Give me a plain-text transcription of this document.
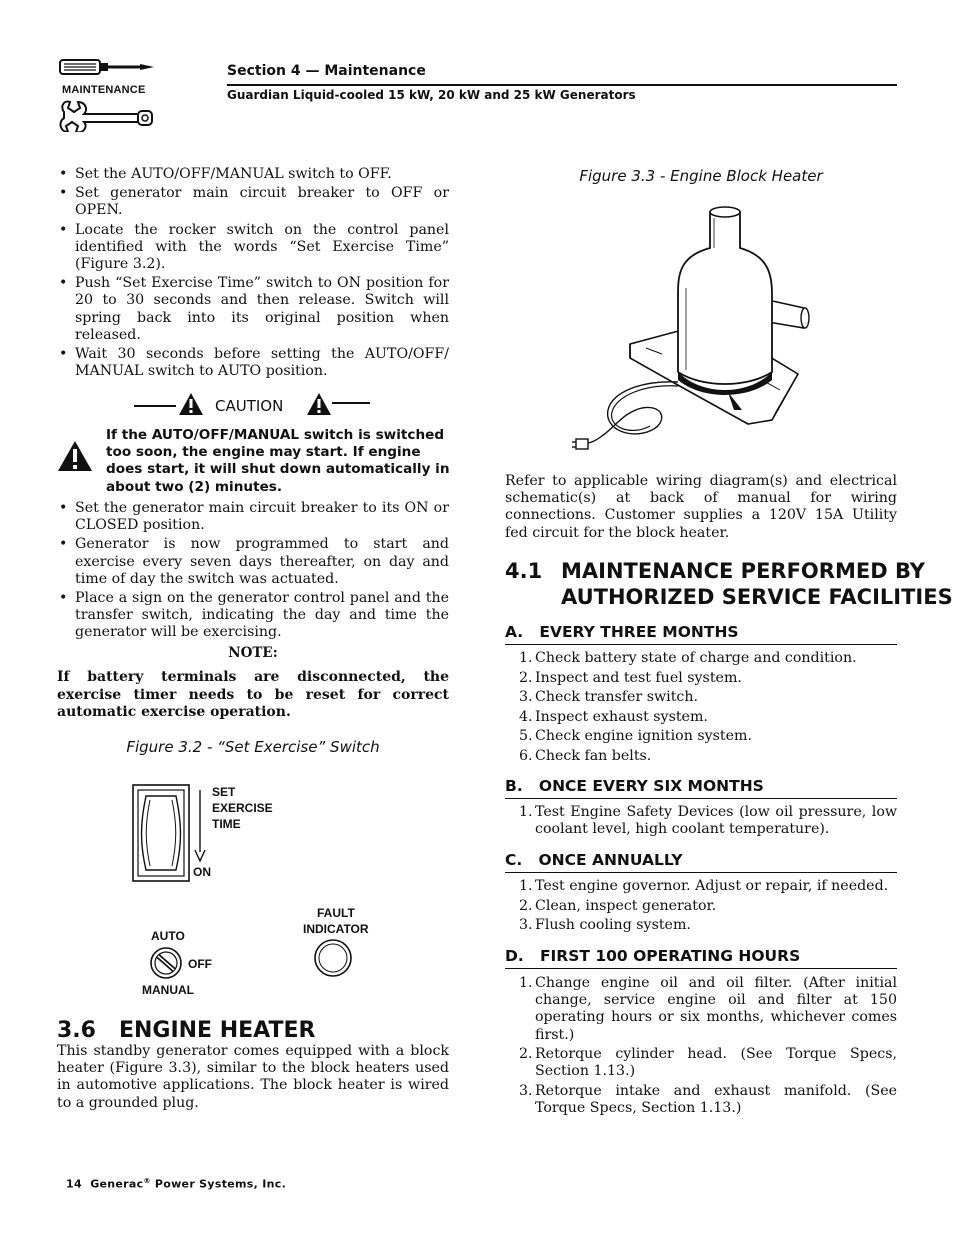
MAINTENANCE
Section 4 — Maintenance
Guardian Liquid-cooled 15 kW, 20 kW and 25 kW Generators
• Set the AUTO/OFF/MANUAL switch to OFF.
• Set generator main circuit breaker to OFF or OPEN.
• Locate the rocker switch on the control panel identified with the words “Set Exercise Time” (Figure 3.2).
• Push “Set Exercise Time” switch to ON position for 20 to 30 seconds and then release. Switch will spring back into its original position when released.
• Wait 30 seconds before setting the AUTO/OFF/ MANUAL switch to AUTO position.
CAUTION
If the AUTO/OFF/MANUAL switch is switched too soon, the engine may start. If engine does start, it will shut down automatically in about two (2) minutes.
• Set the generator main circuit breaker to its ON or CLOSED position.
• Generator is now programmed to start and exercise every seven days thereafter, on day and time of day the switch was actuated.
• Place a sign on the generator control panel and the transfer switch, indicating the day and time the generator will be exercising.
NOTE:
If battery terminals are disconnected, the exercise timer needs to be reset for correct automatic exercise operation.
Figure 3.2 - “Set Exercise” Switch
SET
EXERCISE
TIME
ON
AUTO
OFF
MANUAL
FAULT
INDICATOR
3.6   ENGINE HEATER
This standby generator comes equipped with a block heater (Figure 3.3), similar to the block heaters used in automotive applications. The block heater is wired to a grounded plug.
Figure 3.3 - Engine Block Heater
Refer to applicable wiring diagram(s) and electrical schematic(s) at back of manual for wiring connections. Customer supplies a 120V 15A Utility fed circuit for the block heater.
4.1 MAINTENANCE PERFORMED BY
AUTHORIZED SERVICE FACILITIES
A.   EVERY THREE MONTHS
1. Check battery state of charge and condition.
2. Inspect and test fuel system.
3. Check transfer switch.
4. Inspect exhaust system.
5. Check engine ignition system.
6. Check fan belts.
B.   ONCE EVERY SIX MONTHS
1. Test Engine Safety Devices (low oil pressure, low coolant level, high coolant temperature).
C.   ONCE ANNUALLY
1. Test engine governor. Adjust or repair, if needed.
2. Clean, inspect generator.
3. Flush cooling system.
D.   FIRST 100 OPERATING HOURS
1. Change engine oil and oil filter. (After initial change, service engine oil and filter at 150 operating hours or six months, whichever comes first.)
2. Retorque cylinder head. (See Torque Specs, Section 1.13.)
3. Retorque intake and exhaust manifold. (See Torque Specs, Section 1.13.)
14 Generac® Power Systems, Inc.
